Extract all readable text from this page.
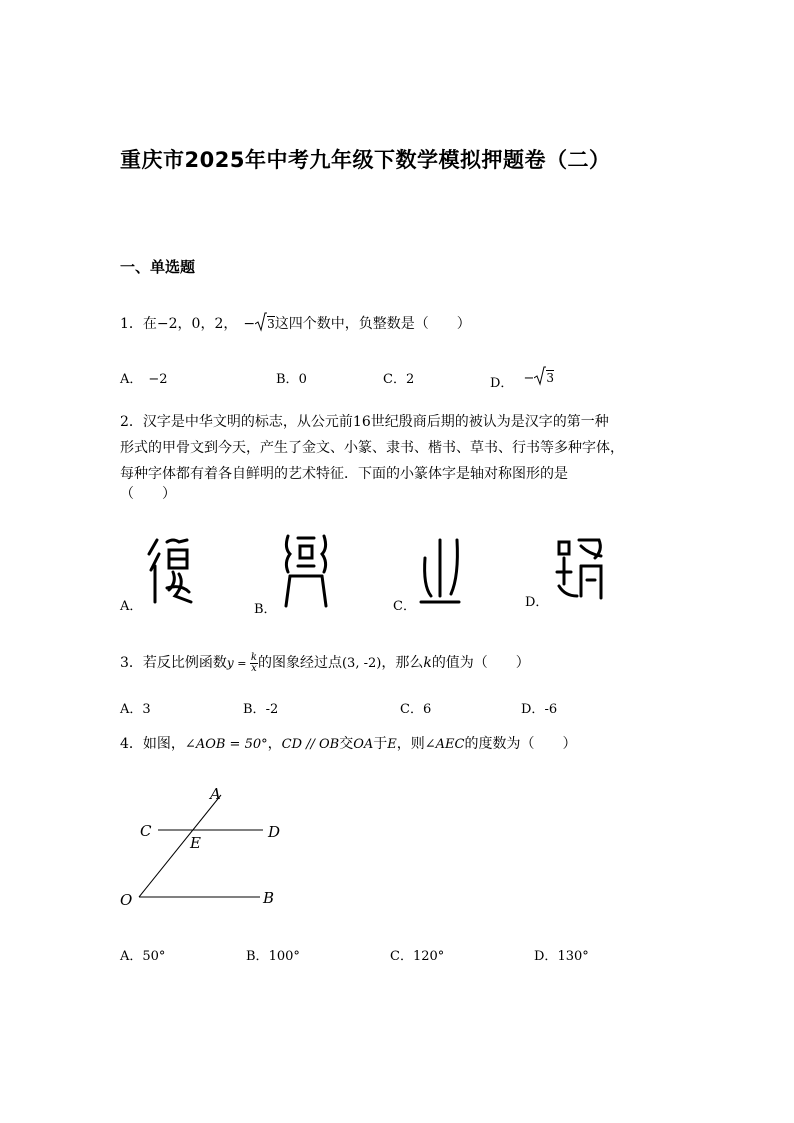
重庆市2025年中考九年级下数学模拟押题卷（二）
一、单选题
1．在−2，0，2， − 3这四个数中，负整数是（　　）
A． −2	B．0	C．2	D． − 3
2．汉字是中华文明的标志，从公元前16世纪殷商后期的被认为是汉字的第一种
形式的甲骨文到今天，产生了金文、小篆、隶书、楷书、草书、行书等多种字体，
每种字体都有着各自鲜明的艺术特征．下面的小篆体字是轴对称图形的是
（　　）
A．	B．	C．	D．
3．若反比例函数$y = \frac{k}{x}$ 的图象经过点(3, -2)，那么k的值为（　　）
A．3	B．-2	C．6	D．-6
4．如图，∠AOB = 50°，CD // OB交OA于E，则∠AEC的度数为（　　）
A
C
E
D
O	B
A．50°	B．100°	C．120°	D．130°
